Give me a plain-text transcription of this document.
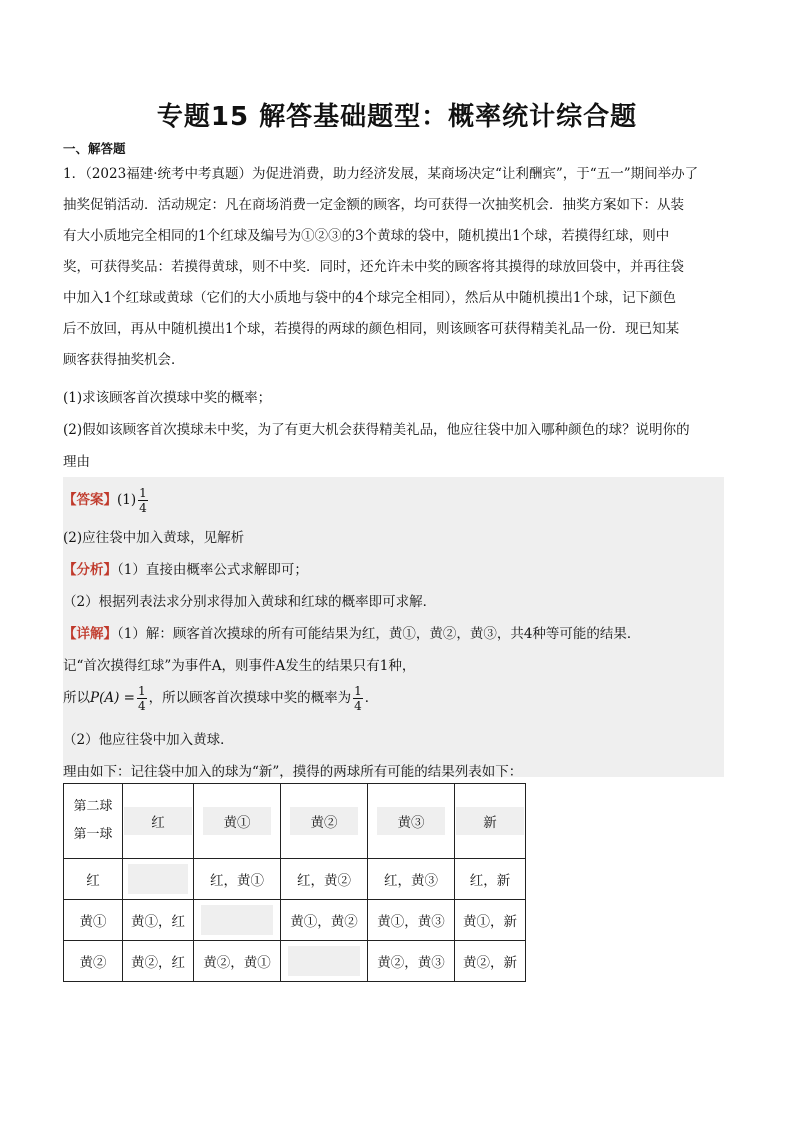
专题15 解答基础题型：概率统计综合题
一、解答题
1．（2023福建·统考中考真题）为促进消费，助力经济发展，某商场决定“让利酬宾”，于“五一”期间举办了
抽奖促销活动．活动规定：凡在商场消费一定金额的顾客，均可获得一次抽奖机会．抽奖方案如下：从装
有大小质地完全相同的1个红球及编号为①②③的3个黄球的袋中，随机摸出1个球，若摸得红球，则中
奖，可获得奖品：若摸得黄球，则不中奖．同时，还允许未中奖的顾客将其摸得的球放回袋中，并再往袋
中加入1个红球或黄球（它们的大小质地与袋中的4个球完全相同），然后从中随机摸出1个球，记下颜色
后不放回，再从中随机摸出1个球，若摸得的两球的颜色相同，则该顾客可获得精美礼品一份．现已知某
顾客获得抽奖机会．
(1)求该顾客首次摸球中奖的概率；
(2)假如该顾客首次摸球未中奖，为了有更大机会获得精美礼品，他应往袋中加入哪种颜色的球？说明你的
理由
【答案】$(1) \frac{1}{4}$
(2)应往袋中加入黄球，见解析
【分析】（1）直接由概率公式求解即可；
（2）根据列表法求分别求得加入黄球和红球的概率即可求解．
【详解】（1）解：顾客首次摸球的所有可能结果为红，黄①，黄②，黄③，共4种等可能的结果．
记“首次摸得红球”为事件A，则事件A发生的结果只有1种，
所以$P(A) = \frac{1}{4}$ ，所以顾客首次摸球中奖的概率为 $\frac{1}{4}$ ．
（2）他应往袋中加入黄球．
理由如下：记往袋中加入的球为“新”，摸得的两球所有可能的结果列表如下：
第二球
第一球	红	黄①	黄②	黄③	新
红		红，黄①	红，黄②	红，黄③	红，新
黄①	黄①，红		黄①，黄②	黄①，黄③	黄①，新
黄②	黄②，红	黄②，黄①		黄②，黄③	黄②，新
